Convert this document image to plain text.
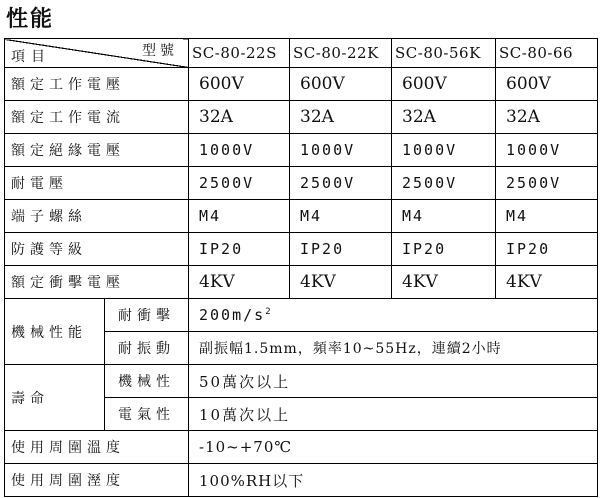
性能
型號
項目		SC-80-22S	SC-80-22K	SC-80-56K	SC-80-66
額定工作電壓		600V	600V	600V	600V
額定工作電流		32A	32A	32A	32A
額定絕緣電壓		1000V	1000V	1000V	1000V
耐電壓		2500V	2500V	2500V	2500V
端子螺絲		M4	M4	M4	M4
防護等級		IP20	IP20	IP20	IP20
額定衝擊電壓		4KV	4KV	4KV	4KV
機械性能	耐衝擊	$200m/s^2$
	耐振動	副振幅1.5mm，頻率10~55Hz，連續2小時			
壽命	機械性	50萬次以上			
	電氣性	10萬次以上			
使用周圍溫度		-10~+70℃			
使用周圍溼度		100%RH以下			
